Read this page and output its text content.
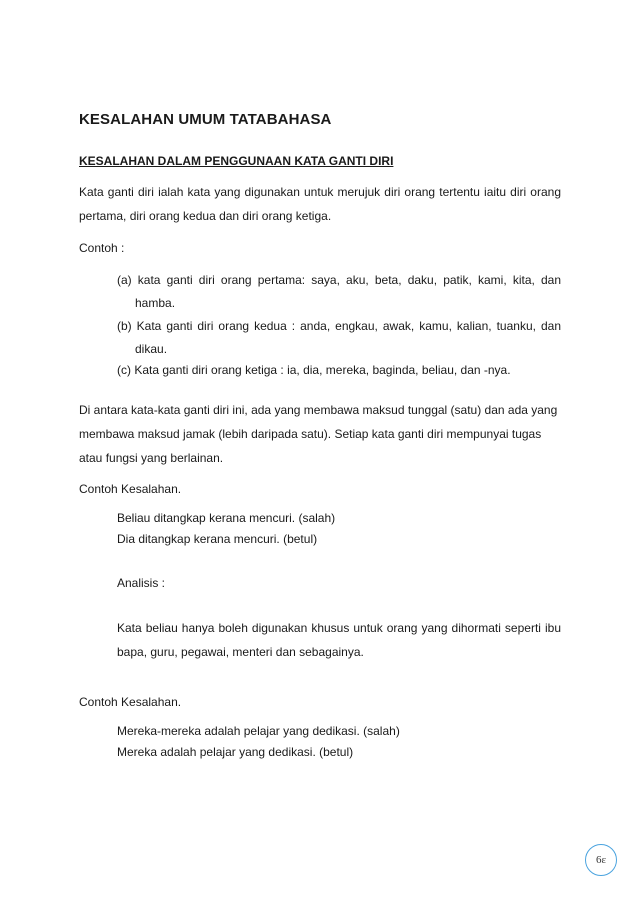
KESALAHAN UMUM TATABAHASA
KESALAHAN DALAM PENGGUNAAN KATA GANTI DIRI
Kata ganti diri ialah kata yang digunakan untuk merujuk diri orang tertentu iaitu diri orang pertama, diri orang kedua dan diri orang ketiga.
Contoh :
(a) kata ganti diri orang pertama: saya, aku, beta, daku, patik, kami, kita, dan hamba.
(b) Kata ganti diri orang kedua : anda, engkau, awak, kamu, kalian, tuanku, dan dikau.
(c) Kata ganti diri orang ketiga : ia, dia, mereka, baginda, beliau, dan -nya.
Di antara kata-kata ganti diri ini, ada yang membawa maksud tunggal (satu) dan ada yang membawa maksud jamak (lebih daripada satu). Setiap kata ganti diri mempunyai tugas atau fungsi yang berlainan.
Contoh Kesalahan.
Beliau ditangkap kerana mencuri. (salah)
Dia ditangkap kerana mencuri. (betul)
Analisis :
Kata beliau hanya boleh digunakan khusus untuk orang yang dihormati seperti ibu bapa, guru, pegawai, menteri dan sebagainya.
Contoh Kesalahan.
Mereka-mereka adalah pelajar yang dedikasi. (salah)
Mereka adalah pelajar yang dedikasi. (betul)
6ε
